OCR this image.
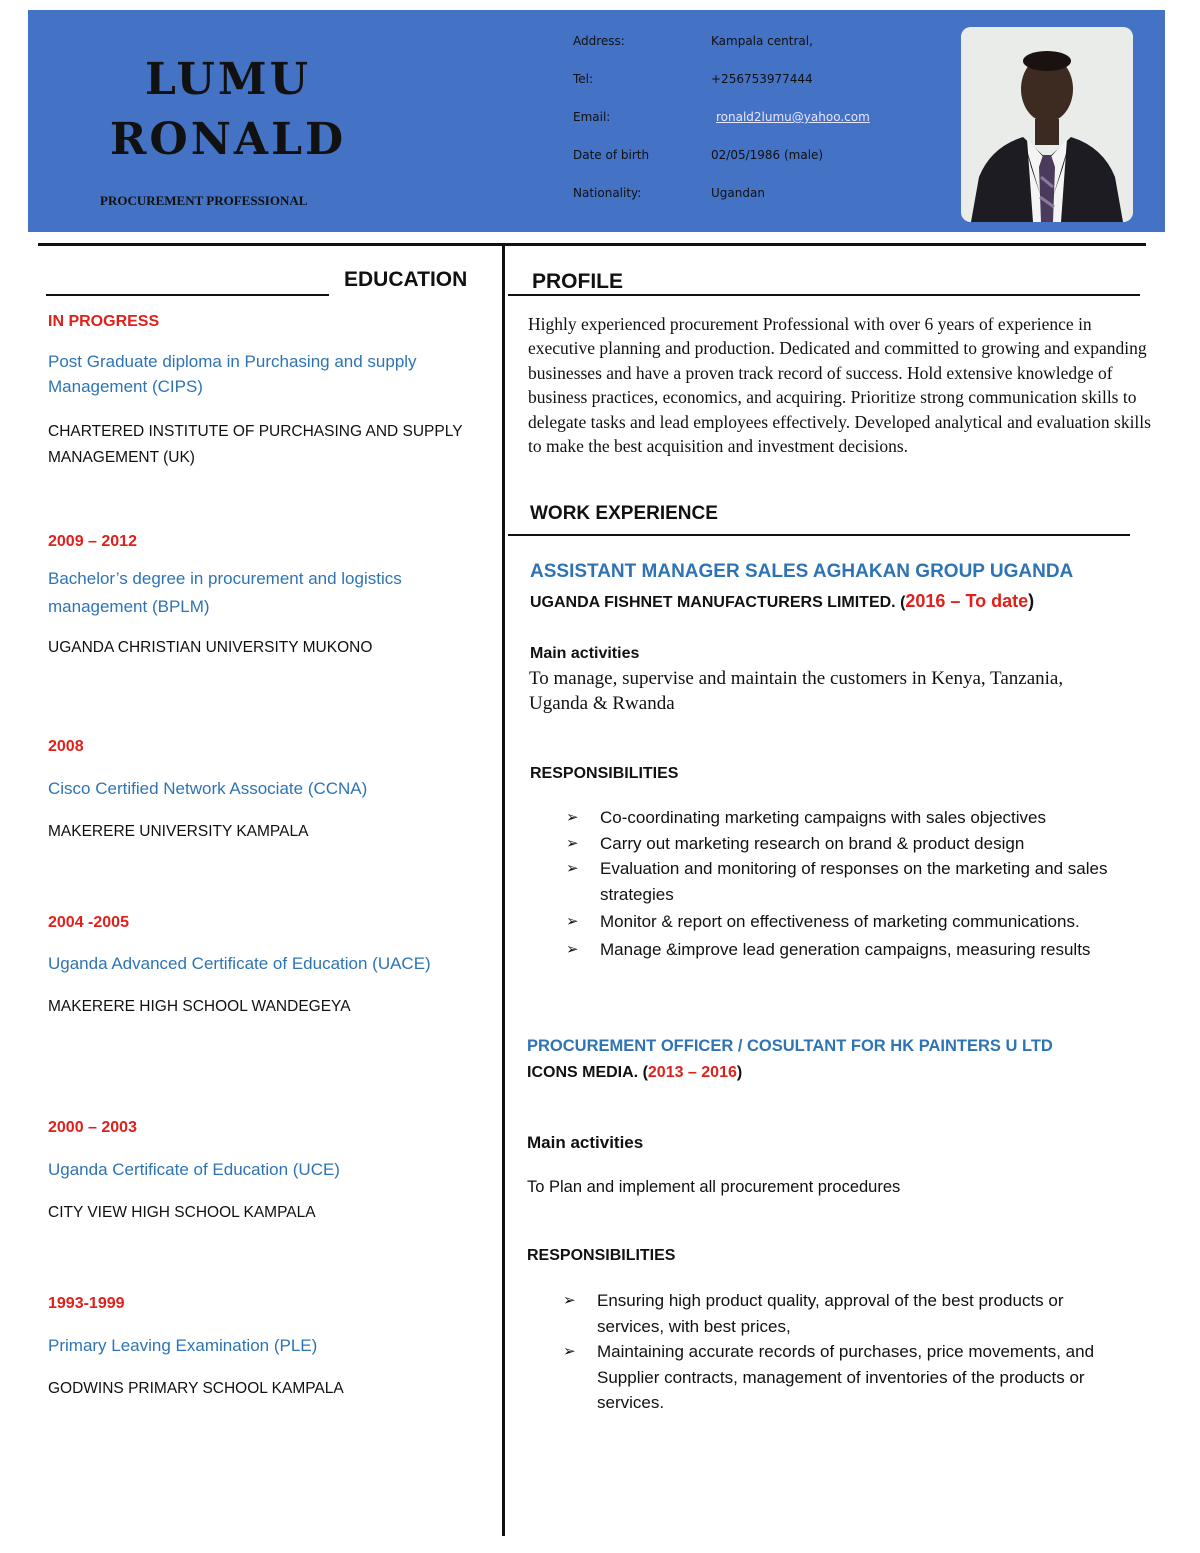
LUMU
RONALD
PROCUREMENT PROFESSIONAL
Address:	Kampala central,
Tel:	+256753977444
Email:	ronald2lumu@yahoo.com
Date of birth	02/05/1986 (male)
Nationality:	Ugandan
EDUCATION
IN PROGRESS
Post Graduate diploma in Purchasing and supply Management (CIPS)
CHARTERED INSTITUTE OF PURCHASING AND SUPPLY MANAGEMENT (UK)
2009 – 2012
Bachelor’s degree in procurement and logistics management (BPLM)
UGANDA CHRISTIAN UNIVERSITY MUKONO
2008
Cisco Certified Network Associate (CCNA)
MAKERERE UNIVERSITY KAMPALA
2004 -2005
Uganda Advanced Certificate of Education (UACE)
MAKERERE HIGH SCHOOL WANDEGEYA
2000 – 2003
Uganda Certificate of Education (UCE)
CITY VIEW HIGH SCHOOL KAMPALA
1993-1999
Primary Leaving Examination (PLE)
GODWINS PRIMARY SCHOOL KAMPALA
PROFILE
Highly experienced procurement Professional with over 6 years of experience in executive planning and production. Dedicated and committed to growing and expanding businesses and have a proven track record of success. Hold extensive knowledge of business practices, economics, and acquiring. Prioritize strong communication skills to delegate tasks and lead employees effectively. Developed analytical and evaluation skills to make the best acquisition and investment decisions.
WORK EXPERIENCE
ASSISTANT MANAGER SALES AGHAKAN GROUP UGANDA
UGANDA FISHNET MANUFACTURERS LIMITED. (2016 – To date)
Main activities
To manage, supervise and maintain the customers in Kenya, Tanzania, Uganda & Rwanda
RESPONSIBILITIES
➢ Co-coordinating marketing campaigns with sales objectives
➢ Carry out marketing research on brand & product design
➢ Evaluation and monitoring of responses on the marketing and sales strategies
➢ Monitor & report on effectiveness of marketing communications.
➢ Manage &improve lead generation campaigns, measuring results
PROCUREMENT OFFICER / COSULTANT FOR HK PAINTERS U LTD
ICONS MEDIA. (2013 – 2016)
Main activities
To Plan and implement all procurement procedures
RESPONSIBILITIES
➢ Ensuring high product quality, approval of the best products or services, with best prices,
➢ Maintaining accurate records of purchases, price movements, and Supplier contracts, management of inventories of the products or services.
